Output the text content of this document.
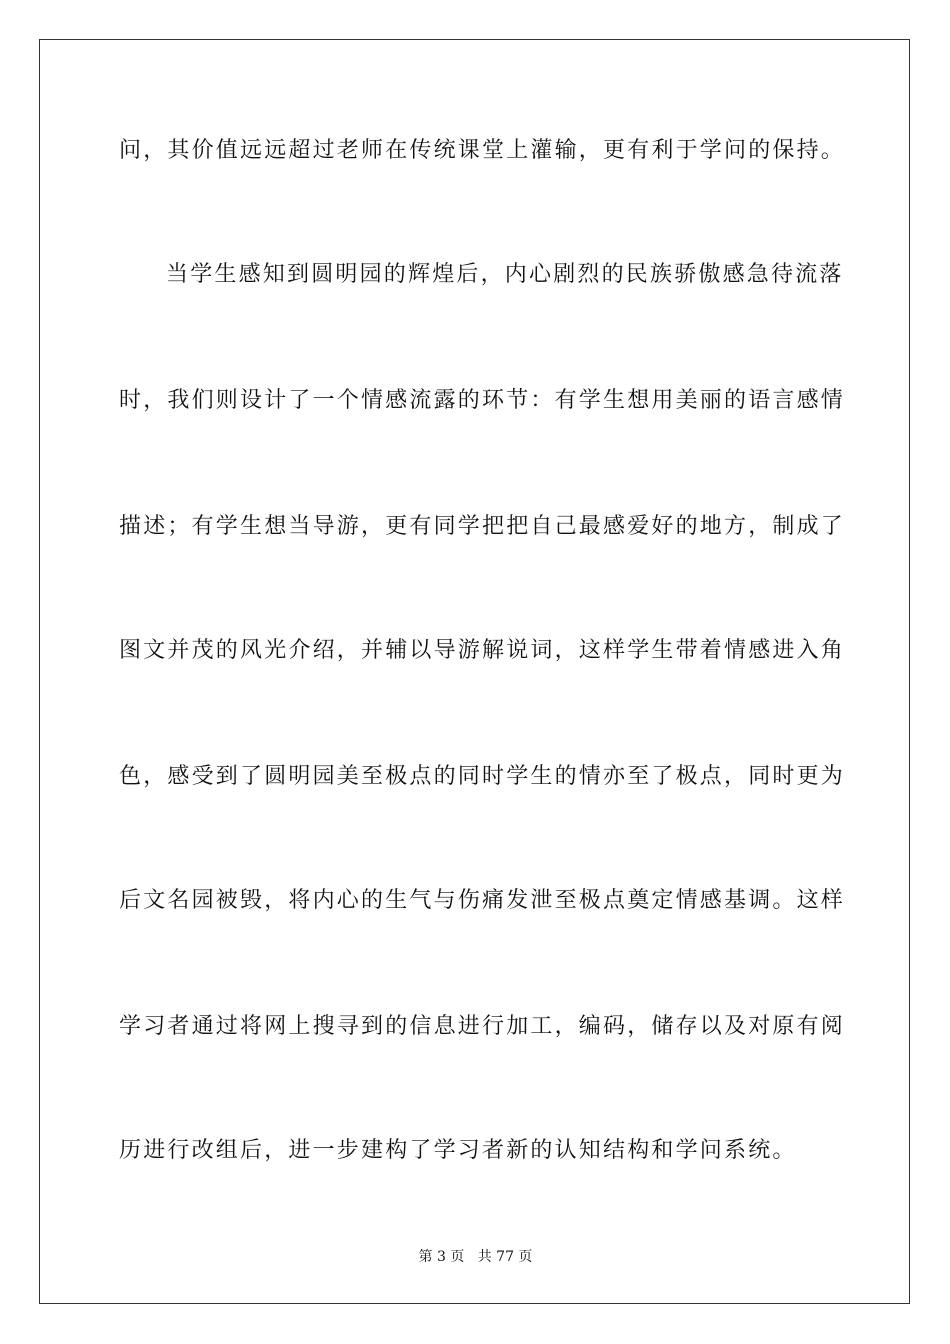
问，其价值远远超过老师在传统课堂上灌输，更有利于学问的保持。
当学生感知到圆明园的辉煌后，内心剧烈的民族骄傲感急待流落
时，我们则设计了一个情感流露的环节：有学生想用美丽的语言感情
描述；有学生想当导游，更有同学把把自己最感爱好的地方，制成了
图文并茂的风光介绍，并辅以导游解说词，这样学生带着情感进入角
色，感受到了圆明园美至极点的同时学生的情亦至了极点，同时更为
后文名园被毁，将内心的生气与伤痛发泄至极点奠定情感基调。这样
学习者通过将网上搜寻到的信息进行加工，编码，储存以及对原有阅
历进行改组后，进一步建构了学习者新的认知结构和学问系统。
第 3 页 共 77 页
